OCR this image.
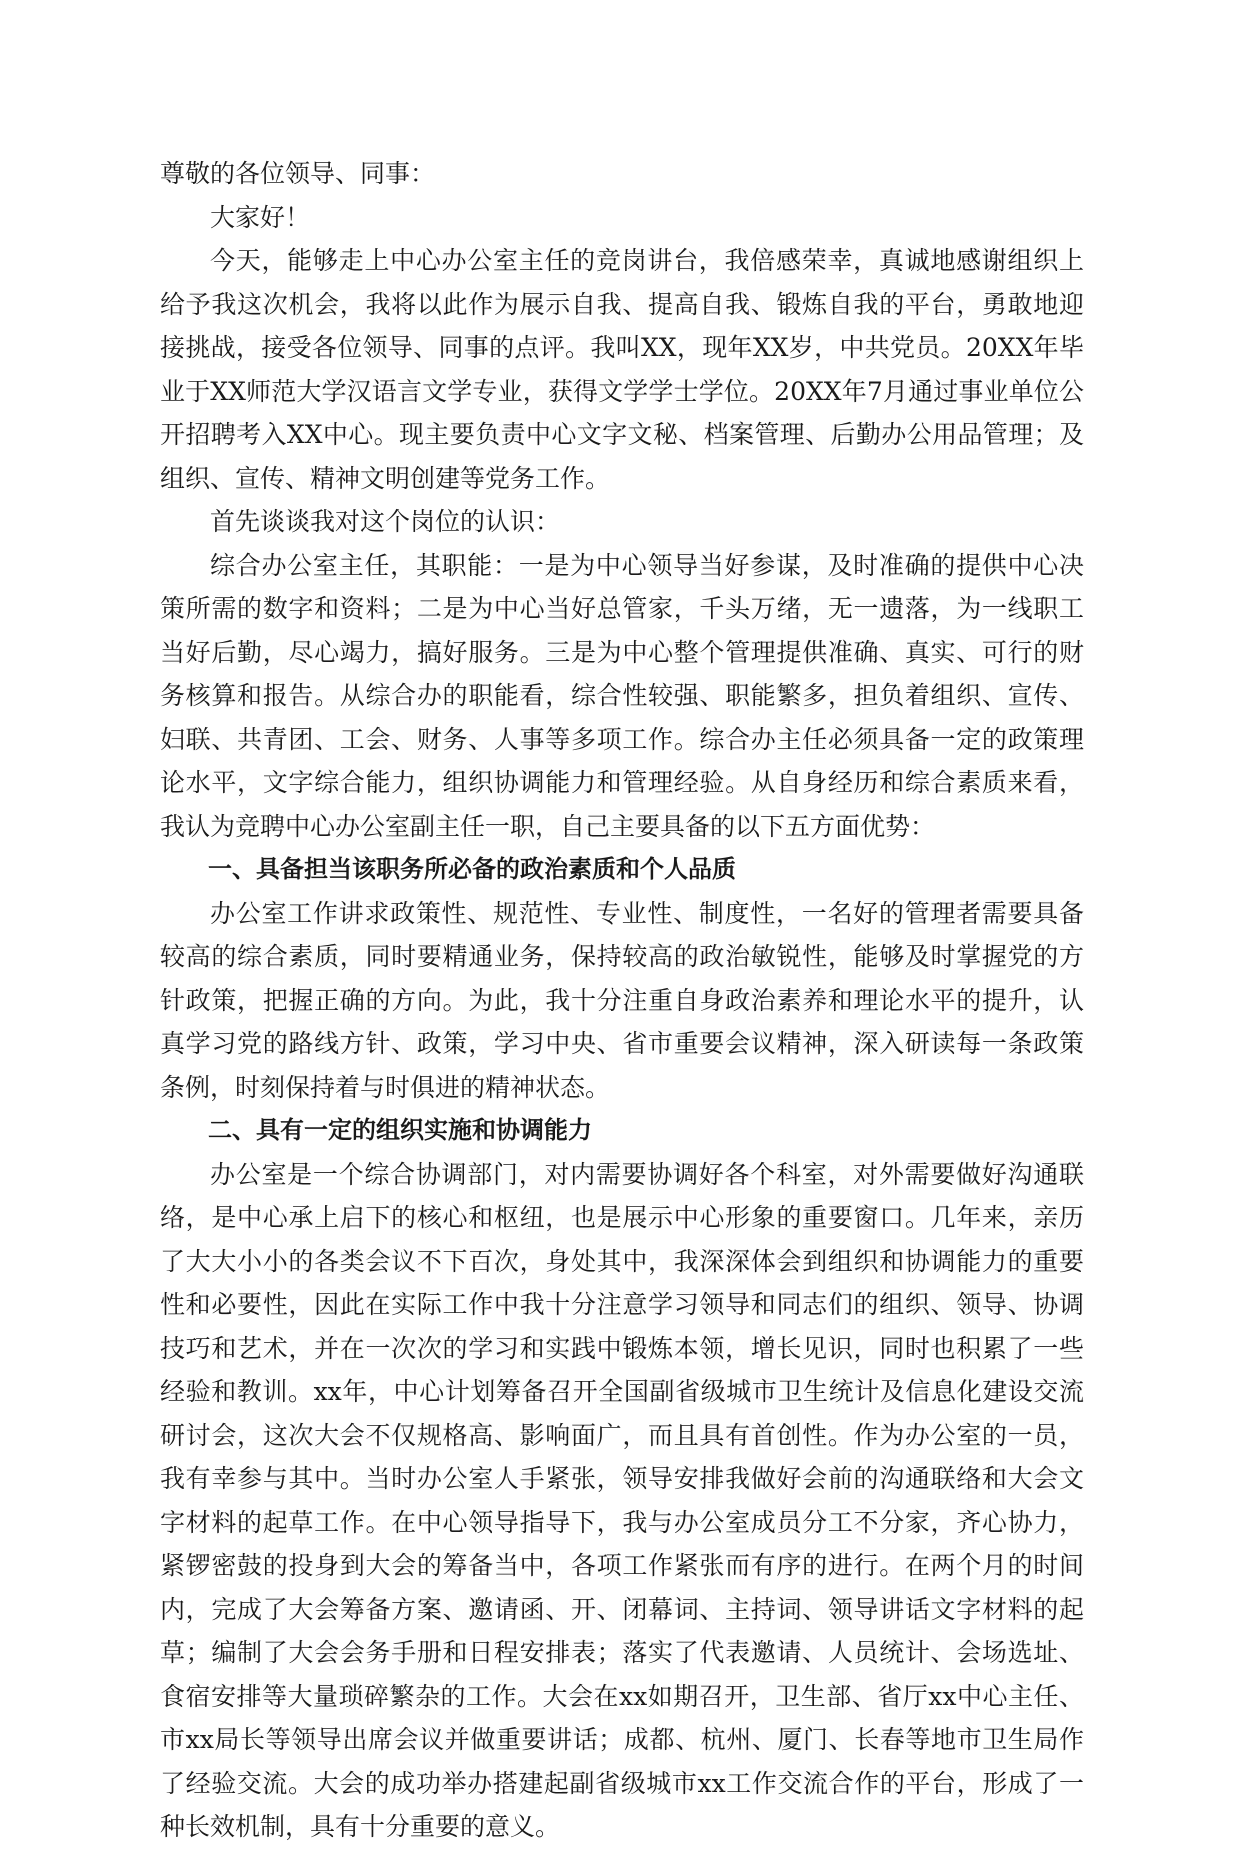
尊敬的各位领导、同事：

大家好！

今天，能够走上中心办公室主任的竞岗讲台，我倍感荣幸，真诚地感谢组织上给予我这次机会，我将以此作为展示自我、提高自我、锻炼自我的平台，勇敢地迎接挑战，接受各位领导、同事的点评。我叫XX，现年XX岁，中共党员。20XX年毕业于XX师范大学汉语言文学专业，获得文学学士学位。20XX年7月通过事业单位公开招聘考入XX中心。现主要负责中心文字文秘、档案管理、后勤办公用品管理；及组织、宣传、精神文明创建等党务工作。

首先谈谈我对这个岗位的认识：

综合办公室主任，其职能：一是为中心领导当好参谋，及时准确的提供中心决策所需的数字和资料；二是为中心当好总管家，千头万绪，无一遗落，为一线职工当好后勤，尽心竭力，搞好服务。三是为中心整个管理提供准确、真实、可行的财务核算和报告。从综合办的职能看，综合性较强、职能繁多，担负着组织、宣传、妇联、共青团、工会、财务、人事等多项工作。综合办主任必须具备一定的政策理论水平，文字综合能力，组织协调能力和管理经验。从自身经历和综合素质来看，我认为竞聘中心办公室副主任一职，自己主要具备的以下五方面优势：

一、具备担当该职务所必备的政治素质和个人品质

办公室工作讲求政策性、规范性、专业性、制度性，一名好的管理者需要具备较高的综合素质，同时要精通业务，保持较高的政治敏锐性，能够及时掌握党的方针政策，把握正确的方向。为此，我十分注重自身政治素养和理论水平的提升，认真学习党的路线方针、政策，学习中央、省市重要会议精神，深入研读每一条政策条例，时刻保持着与时俱进的精神状态。

二、具有一定的组织实施和协调能力

办公室是一个综合协调部门，对内需要协调好各个科室，对外需要做好沟通联络，是中心承上启下的核心和枢纽，也是展示中心形象的重要窗口。几年来，亲历了大大小小的各类会议不下百次，身处其中，我深深体会到组织和协调能力的重要性和必要性，因此在实际工作中我十分注意学习领导和同志们的组织、领导、协调技巧和艺术，并在一次次的学习和实践中锻炼本领，增长见识，同时也积累了一些经验和教训。xx年，中心计划筹备召开全国副省级城市卫生统计及信息化建设交流研讨会，这次大会不仅规格高、影响面广，而且具有首创性。作为办公室的一员，我有幸参与其中。当时办公室人手紧张，领导安排我做好会前的沟通联络和大会文字材料的起草工作。在中心领导指导下，我与办公室成员分工不分家，齐心协力，紧锣密鼓的投身到大会的筹备当中，各项工作紧张而有序的进行。在两个月的时间内，完成了大会筹备方案、邀请函、开、闭幕词、主持词、领导讲话文字材料的起草；编制了大会会务手册和日程安排表；落实了代表邀请、人员统计、会场选址、食宿安排等大量琐碎繁杂的工作。大会在xx如期召开，卫生部、省厅xx中心主任、市xx局长等领导出席会议并做重要讲话；成都、杭州、厦门、长春等地市卫生局作了经验交流。大会的成功举办搭建起副省级城市xx工作交流合作的平台，形成了一种长效机制，具有十分重要的意义。
